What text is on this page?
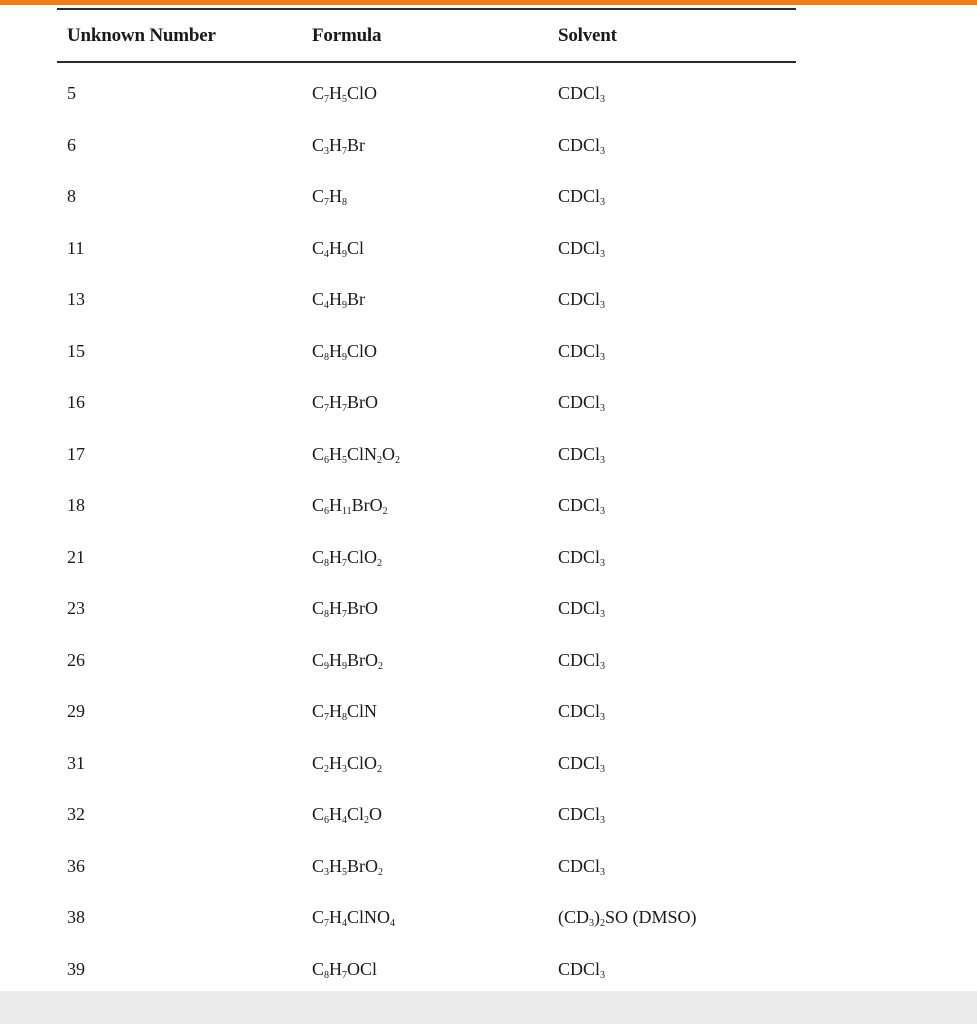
Unknown Number	Formula	Solvent
5	$C_7H_5ClO$	CDCl$_3$
6	$C_3H_7Br$	CDCl$_3$
8	$C_7H_8$	CDCl$_3$
11	$C_4H_9Cl$	CDCl$_3$
13	$C_4H_9Br$	CDCl$_3$
15	$C_8H_9ClO$	CDCl$_3$
16	$C_7H_7BrO$	CDCl$_3$
17	$C_6H_5ClN_2O_2$	CDCl$_3$
18	$C_6H_{11}BrO_2$	CDCl$_3$
21	$C_8H_7ClO_2$	CDCl$_3$
23	$C_8H_7BrO$	CDCl$_3$
26	$C_9H_9BrO_2$	CDCl$_3$
29	$C_7H_8ClN$	CDCl$_3$
31	$C_2H_3ClO_2$	CDCl$_3$
32	$C_6H_4Cl_2O$	CDCl$_3$
36	$C_3H_5BrO_2$	CDCl$_3$
38	$C_7H_4ClNO_4$	$(CD_3)_2SO$ (DMSO)
39	$C_8H_7OCl$	CDCl$_3$
